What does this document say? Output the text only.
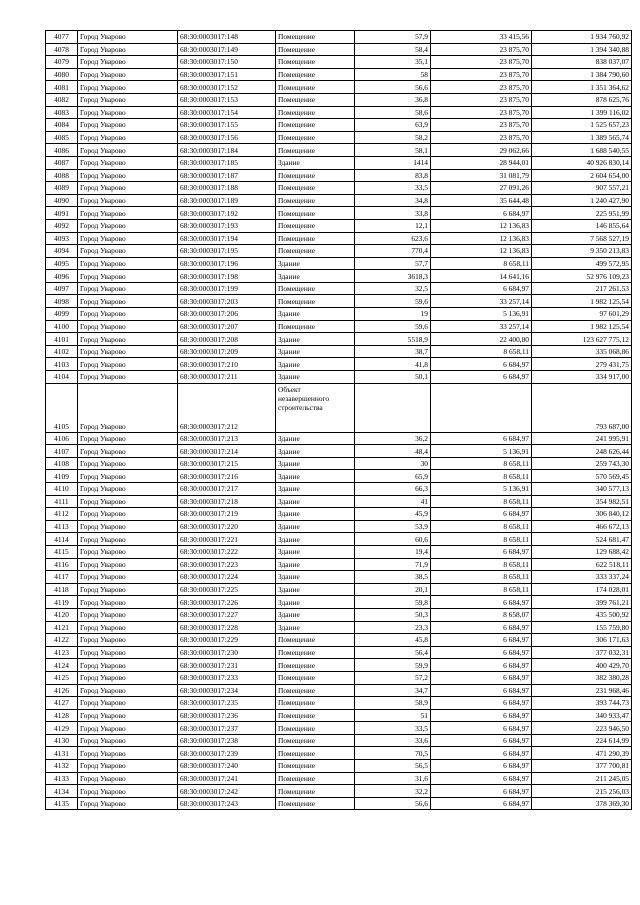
4077	Город Уварово	68:30:0003017:148	Помещение	57,9	33 415,56	1 934 760,92
4078	Город Уварово	68:30:0003017:149	Помещение	58,4	23 875,70	1 394 340,88
4079	Город Уварово	68:30:0003017:150	Помещение	35,1	23 875,70	838 037,07
4080	Город Уварово	68:30:0003017:151	Помещение	58	23 875,70	1 384 790,60
4081	Город Уварово	68:30:0003017:152	Помещение	56,6	23 875,70	1 351 364,62
4082	Город Уварово	68:30:0003017:153	Помещение	36,8	23 875,70	878 625,76
4083	Город Уварово	68:30:0003017:154	Помещение	58,6	23 875,70	1 399 116,02
4084	Город Уварово	68:30:0003017:155	Помещение	63,9	23 875,70	1 525 657,23
4085	Город Уварово	68:30:0003017:156	Помещение	58,2	23 875,70	1 389 565,74
4086	Город Уварово	68:30:0003017:184	Помещение	58,1	29 062,66	1 688 540,55
4087	Город Уварово	68:30:0003017:185	Здание	1414	28 944,01	40 926 830,14
4088	Город Уварово	68:30:0003017:187	Помещение	83,8	31 081,79	2 604 654,00
4089	Город Уварово	68:30:0003017:188	Помещение	33,5	27 091,26	907 557,21
4090	Город Уварово	68:30:0003017:189	Помещение	34,8	35 644,48	1 240 427,90
4091	Город Уварово	68:30:0003017:192	Помещение	33,8	6 684,97	225 951,99
4092	Город Уварово	68:30:0003017:193	Помещение	12,1	12 136,83	146 855,64
4093	Город Уварово	68:30:0003017:194	Помещение	623,6	12 136,83	7 568 527,19
4094	Город Уварово	68:30:0003017:195	Помещение	770,4	12 136,83	9 350 213,83
4095	Город Уварово	68:30:0003017:196	Здание	57,7	8 658,11	499 572,95
4096	Город Уварово	68:30:0003017:198	Здание	3618,3	14 641,16	52 976 109,23
4097	Город Уварово	68:30:0003017:199	Помещение	32,5	6 684,97	217 261,53
4098	Город Уварово	68:30:0003017:203	Помещение	59,6	33 257,14	1 982 125,54
4099	Город Уварово	68:30:0003017:206	Здание	19	5 136,91	97 601,29
4100	Город Уварово	68:30:0003017:207	Помещение	59,6	33 257,14	1 982 125,54
4101	Город Уварово	68:30:0003017:208	Здание	5518,9	22 400,80	123 627 775,12
4102	Город Уварово	68:30:0003017:209	Здание	38,7	8 658,11	335 068,86
4103	Город Уварово	68:30:0003017:210	Здание	41,8	6 684,97	279 431,75
4104	Город Уварово	68:30:0003017:211	Здание	50,1	6 684,97	334 917,00
4105	Город Уварово	68:30:0003017:212	Объект незавершенного строительства			793 687,00
4106	Город Уварово	68:30:0003017:213	Здание	36,2	6 684,97	241 995,91
4107	Город Уварово	68:30:0003017:214	Здание	48,4	5 136,91	248 626,44
4108	Город Уварово	68:30:0003017:215	Здание	30	8 658,11	259 743,30
4109	Город Уварово	68:30:0003017:216	Здание	65,9	8 658,11	570 569,45
4110	Город Уварово	68:30:0003017:217	Здание	66,3	5 136,91	340 577,13
4111	Город Уварово	68:30:0003017:218	Здание	41	8 658,11	354 982,51
4112	Город Уварово	68:30:0003017:219	Здание	45,9	6 684,97	306 840,12
4113	Город Уварово	68:30:0003017:220	Здание	53,9	8 658,11	466 672,13
4114	Город Уварово	68:30:0003017:221	Здание	60,6	8 658,11	524 681,47
4115	Город Уварово	68:30:0003017:222	Здание	19,4	6 684,97	129 688,42
4116	Город Уварово	68:30:0003017:223	Здание	71,9	8 658,11	622 518,11
4117	Город Уварово	68:30:0003017:224	Здание	38,5	8 658,11	333 337,24
4118	Город Уварово	68:30:0003017:225	Здание	20,1	8 658,11	174 028,01
4119	Город Уварово	68:30:0003017:226	Здание	59,8	6 684,97	399 761,21
4120	Город Уварово	68:30:0003017:227	Здание	50,3	8 658,07	435 500,92
4121	Город Уварово	68:30:0003017:228	Здание	23,3	6 684,97	155 759,80
4122	Город Уварово	68:30:0003017:229	Помещение	45,8	6 684,97	306 171,63
4123	Город Уварово	68:30:0003017:230	Помещение	56,4	6 684,97	377 032,31
4124	Город Уварово	68:30:0003017:231	Помещение	59,9	6 684,97	400 429,70
4125	Город Уварово	68:30:0003017:233	Помещение	57,2	6 684,97	382 380,28
4126	Город Уварово	68:30:0003017:234	Помещение	34,7	6 684,97	231 968,46
4127	Город Уварово	68:30:0003017:235	Помещение	58,9	6 684,97	393 744,73
4128	Город Уварово	68:30:0003017:236	Помещение	51	6 684,97	340 933,47
4129	Город Уварово	68:30:0003017:237	Помещение	33,5	6 684,97	223 946,50
4130	Город Уварово	68:30:0003017:238	Помещение	33,6	6 684,97	224 614,99
4131	Город Уварово	68:30:0003017:239	Помещение	70,5	6 684,97	471 290,39
4132	Город Уварово	68:30:0003017:240	Помещение	56,5	6 684,97	377 700,81
4133	Город Уварово	68:30:0003017:241	Помещение	31,6	6 684,97	211 245,05
4134	Город Уварово	68:30:0003017:242	Помещение	32,2	6 684,97	215 256,03
4135	Город Уварово	68:30:0003017:243	Помещение	56,6	6 684,97	378 369,30
